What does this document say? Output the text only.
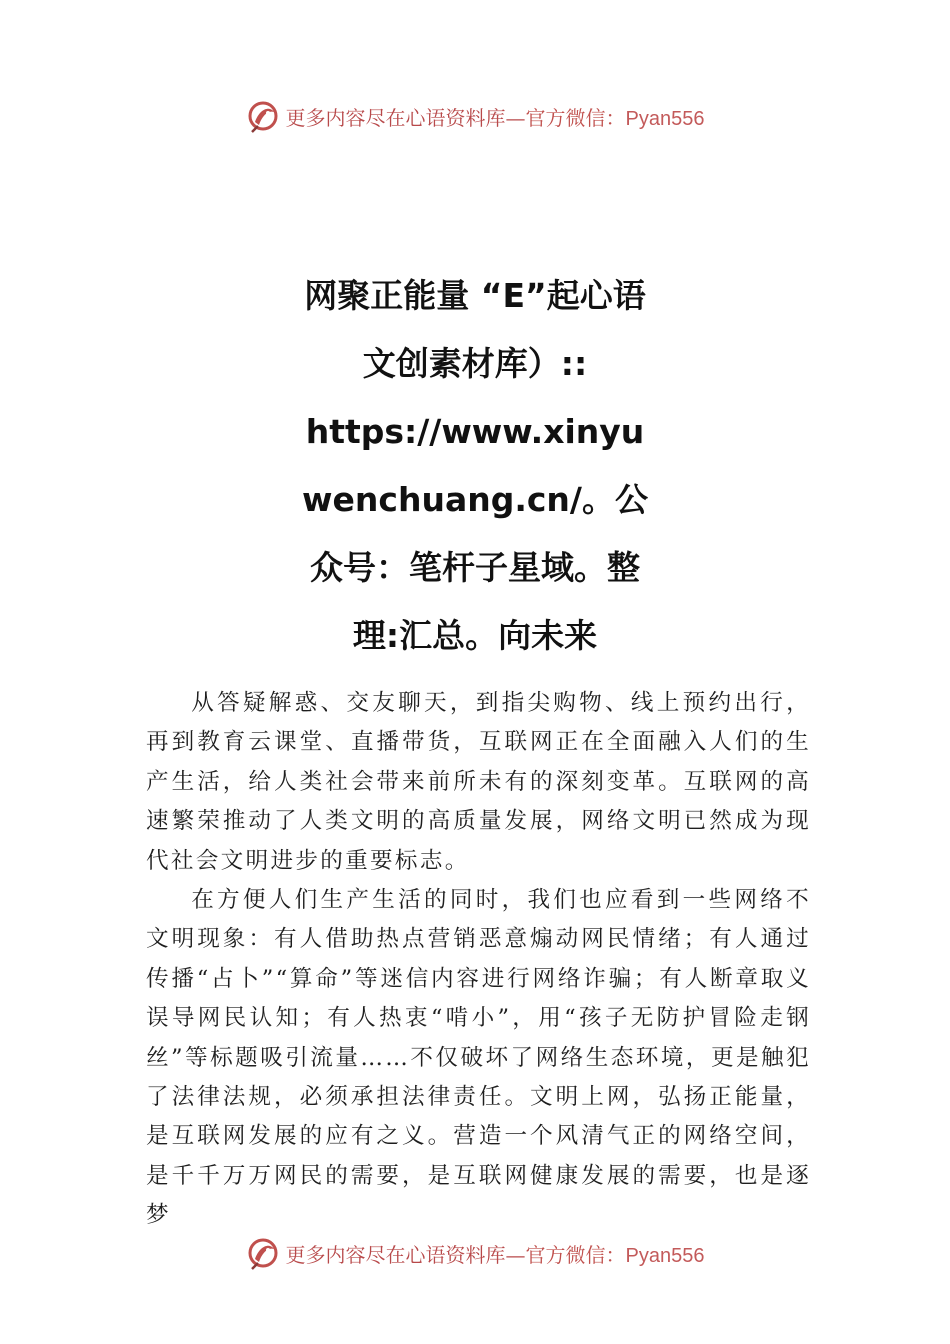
更多内容尽在心语资料库—官方微信：Pyan556
网聚正能量 “E”起心语
文创素材库）::
https://www.xinyu
wenchuang.cn/。公
众号：笔杆子星域。整
理:汇总。向未来

从答疑解惑、交友聊天，到指尖购物、线上预约出行，再到教育云课堂、直播带货，互联网正在全面融入人们的生产生活，给人类社会带来前所未有的深刻变革。互联网的高速繁荣推动了人类文明的高质量发展，网络文明已然成为现代社会文明进步的重要标志。

在方便人们生产生活的同时，我们也应看到一些网络不文明现象：有人借助热点营销恶意煽动网民情绪；有人通过传播“占卜”“算命”等迷信内容进行网络诈骗；有人断章取义误导网民认知；有人热衷“啃小”，用“孩子无防护冒险走钢丝”等标题吸引流量……不仅破坏了网络生态环境，更是触犯了法律法规，必须承担法律责任。文明上网，弘扬正能量，是互联网发展的应有之义。营造一个风清气正的网络空间，是千千万万网民的需要，是互联网健康发展的需要，也是逐梦

更多内容尽在心语资料库—官方微信：Pyan556
